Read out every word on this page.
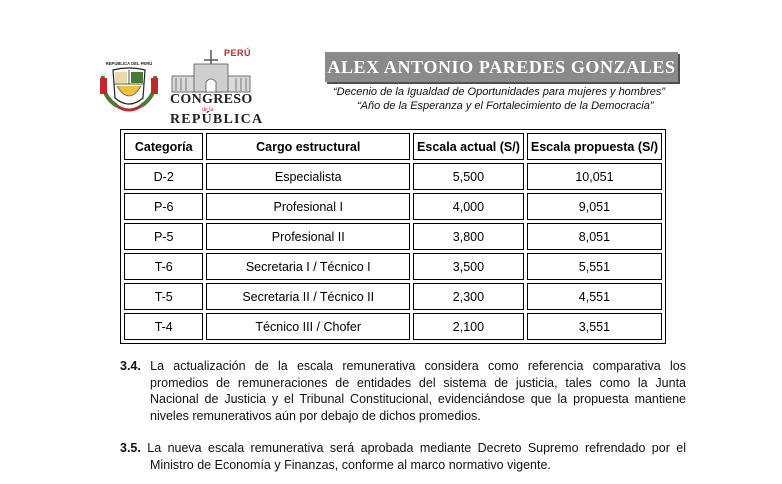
REPÚBLICA DEL PERÚ
PERÚ
CONGRESO
de la
REPÚBLICA
ALEX ANTONIO PAREDES GONZALES
“Decenio de la Igualdad de Oportunidades para mujeres y hombres”
“Año de la Esperanza y el Fortalecimiento de la Democracia”
Categoría	Cargo estructural	Escala actual (S/)	Escala propuesta (S/)
D-2	Especialista	5,500	10,051
P-6	Profesional I	4,000	9,051
P-5	Profesional II	3,800	8,051
T-6	Secretaria I / Técnico I	3,500	5,551
T-5	Secretaria II / Técnico II	2,300	4,551
T-4	Técnico III / Chofer	2,100	3,551
3.4. La actualización de la escala remunerativa considera como referencia comparativa los
promedios de remuneraciones de entidades del sistema de justicia, tales como la Junta
Nacional de Justicia y el Tribunal Constitucional, evidenciándose que la propuesta mantiene
niveles remunerativos aún por debajo de dichos promedios.
3.5. La nueva escala remunerativa será aprobada mediante Decreto Supremo refrendado por el
Ministro de Economía y Finanzas, conforme al marco normativo vigente.
